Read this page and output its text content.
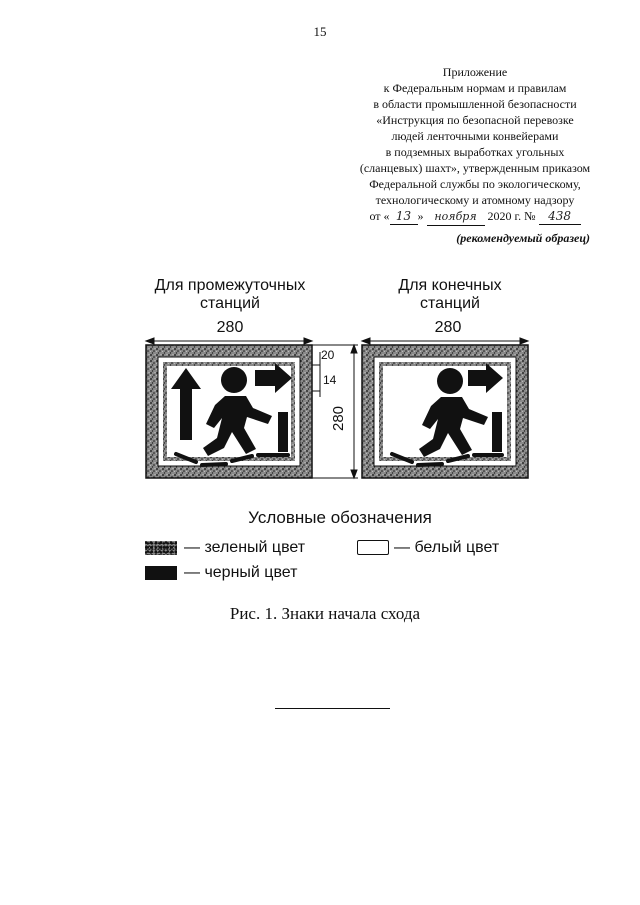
15
Приложение
к Федеральным нормам и правилам
в области промышленной безопасности
«Инструкция по безопасной перевозке
людей ленточными конвейерами
в подземных выработках угольных
(сланцевых) шахт», утвержденным приказом
Федеральной службы по экологическому,
технологическому и атомному надзору
от « 13 » ноября 2020 г. № 438
(рекомендуемый образец)
Для промежуточных
станций
Для конечных
станций
280	280
20
14
280
Условные обозначения
— зеленый цвет	— белый цвет
— черный цвет
Рис. 1. Знаки начала схода
